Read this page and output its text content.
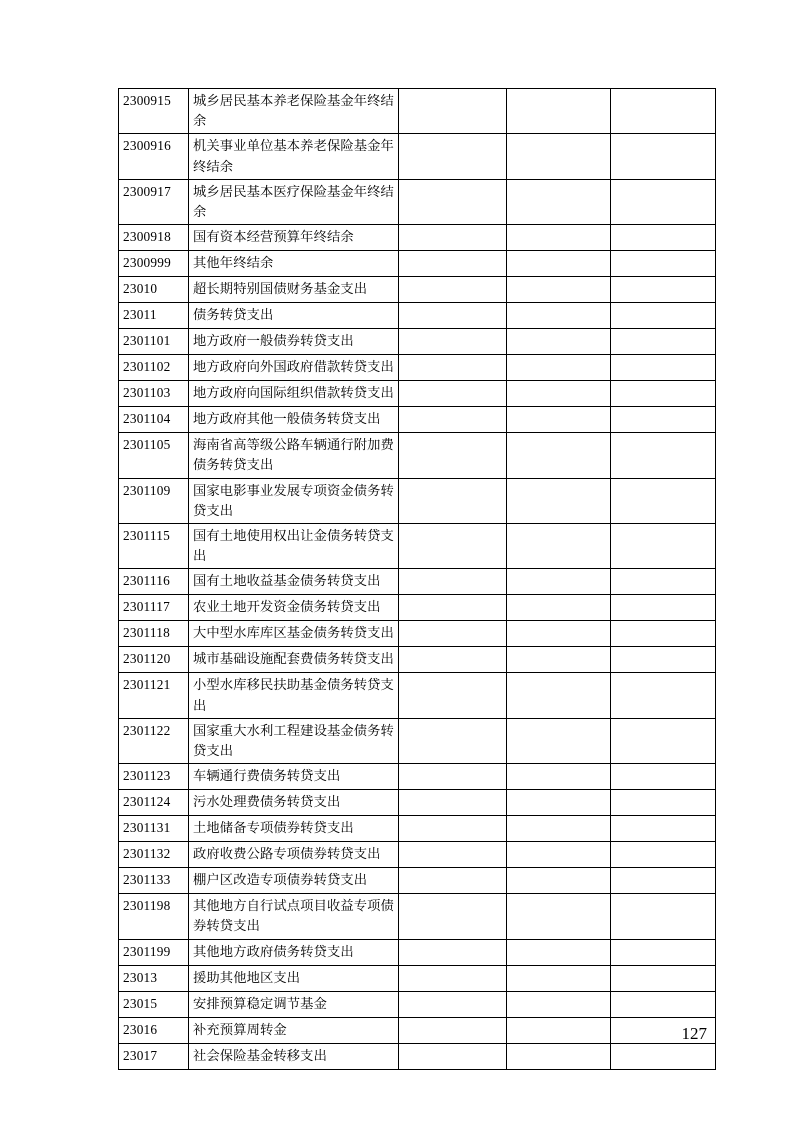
2300915	城乡居民基本养老保险基金年终结余			
2300916	机关事业单位基本养老保险基金年终结余			
2300917	城乡居民基本医疗保险基金年终结余			
2300918	国有资本经营预算年终结余			
2300999	其他年终结余			
23010	超长期特别国债财务基金支出			
23011	债务转贷支出			
2301101	地方政府一般债券转贷支出			
2301102	地方政府向外国政府借款转贷支出			
2301103	地方政府向国际组织借款转贷支出			
2301104	地方政府其他一般债务转贷支出			
2301105	海南省高等级公路车辆通行附加费债务转贷支出			
2301109	国家电影事业发展专项资金债务转贷支出			
2301115	国有土地使用权出让金债务转贷支出			
2301116	国有土地收益基金债务转贷支出			
2301117	农业土地开发资金债务转贷支出			
2301118	大中型水库库区基金债务转贷支出			
2301120	城市基础设施配套费债务转贷支出			
2301121	小型水库移民扶助基金债务转贷支出			
2301122	国家重大水利工程建设基金债务转贷支出			
2301123	车辆通行费债务转贷支出			
2301124	污水处理费债务转贷支出			
2301131	土地储备专项债券转贷支出			
2301132	政府收费公路专项债券转贷支出			
2301133	棚户区改造专项债券转贷支出			
2301198	其他地方自行试点项目收益专项债券转贷支出			
2301199	其他地方政府债务转贷支出			
23013	援助其他地区支出			
23015	安排预算稳定调节基金			
23016	补充预算周转金			
23017	社会保险基金转移支出			
127
